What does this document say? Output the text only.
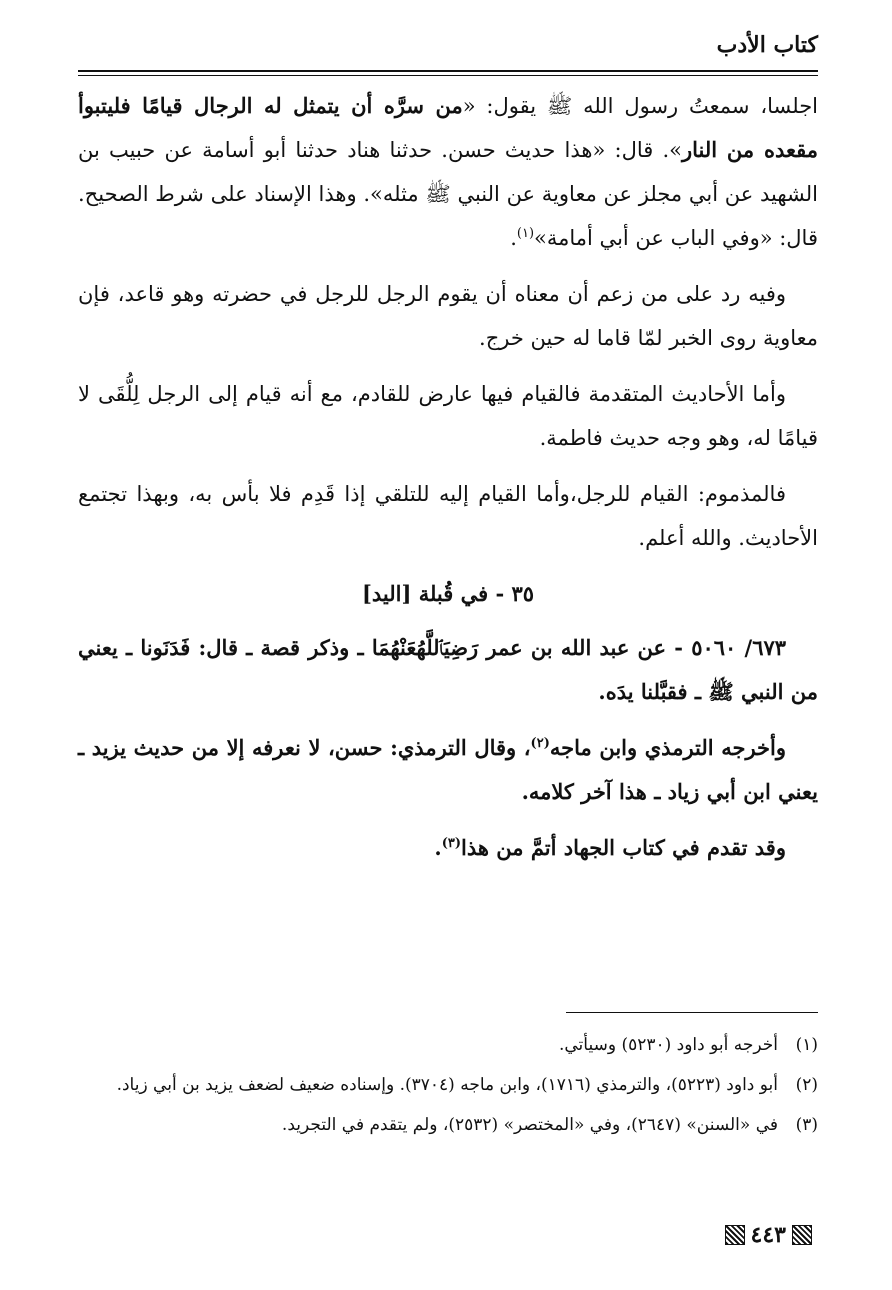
كتاب الأدب

اجلسا، سمعتُ رسول الله ﷺ يقول: «من سرَّه أن يتمثل له الرجال قيامًا فليتبوأ مقعده من النار». قال: «هذا حديث حسن. حدثنا هناد حدثنا أبو أسامة عن حبيب بن الشهيد عن أبي مجلز عن معاوية عن النبي ﷺ مثله». وهذا الإسناد على شرط الصحيح. قال: «وفي الباب عن أبي أمامة»$^{(١)}$.

وفيه رد على من زعم أن معناه أن يقوم الرجل للرجل في حضرته وهو قاعد، فإن معاوية روى الخبر لمّا قاما له حين خرج.

وأما الأحاديث المتقدمة فالقيام فيها عارض للقادم، مع أنه قيام إلى الرجل لِلُّقَى لا قيامًا له، وهو وجه حديث فاطمة.

فالمذموم: القيام للرجل،وأما القيام إليه للتلقي إذا قَدِم فلا بأس به، وبهذا تجتمع الأحاديث. والله أعلم.

٣٥ - في قُبلة [اليد]

٦٧٣/ ٥٠٦٠ - عن عبد الله بن عمر رَضِيَٱللَّهُعَنْهُمَا ـ وذكر قصة ـ قال: فَدَنَونا ـ يعني من النبي ﷺ ـ فقبَّلنا يدَه.

وأخرجه الترمذي وابن ماجه$^{(٢)}$، وقال الترمذي: حسن، لا نعرفه إلا من حديث يزيد ـ يعني ابن أبي زياد ـ هذا آخر كلامه.

وقد تقدم في كتاب الجهاد أتمَّ من هذا$^{(٣)}$.

(١)
أخرجه أبو داود (٥٢٣٠) وسيأتي.
(٢)
أبو داود (٥٢٢٣)، والترمذي (١٧١٦)، وابن ماجه (٣٧٠٤). وإسناده ضعيف لضعف يزيد بن أبي زياد.
(٣)
في «السنن» (٢٦٤٧)، وفي «المختصر» (٢٥٣٢)، ولم يتقدم في التجريد.
٤٤٣
